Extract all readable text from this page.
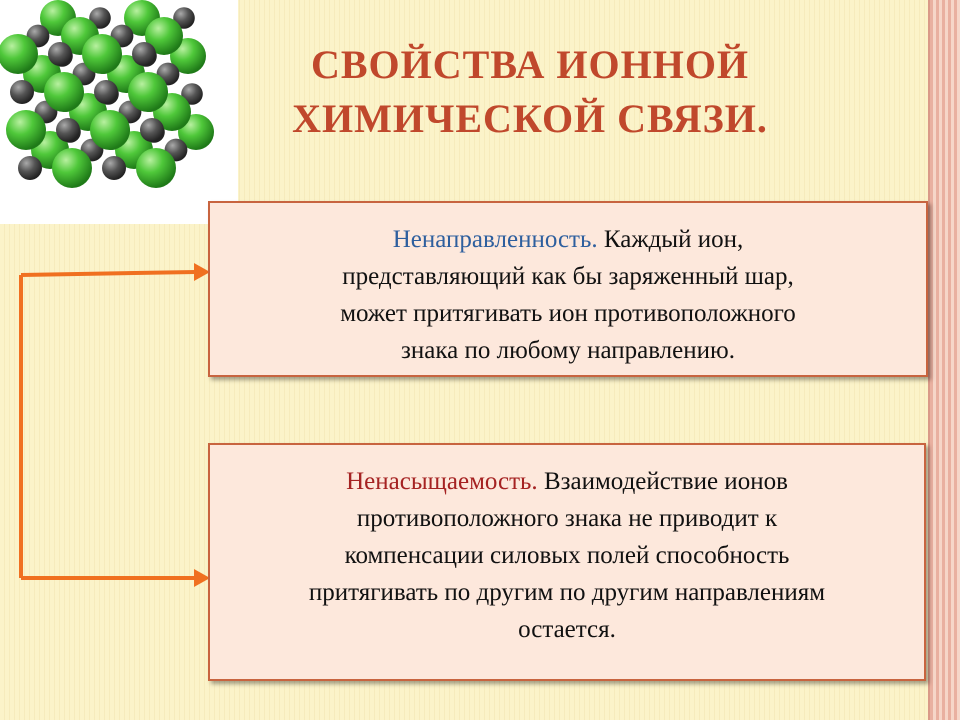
СВОЙСТВА ИОННОЙ
ХИМИЧЕСКОЙ СВЯЗИ.
Ненаправленность. Каждый ион,
представляющий как бы заряженный шар,
может притягивать ион противоположного
знака по любому направлению.
Ненасыщаемость. Взаимодействие ионов
противоположного знака не приводит к
компенсации силовых полей способность
притягивать по другим по другим направлениям
остается.
